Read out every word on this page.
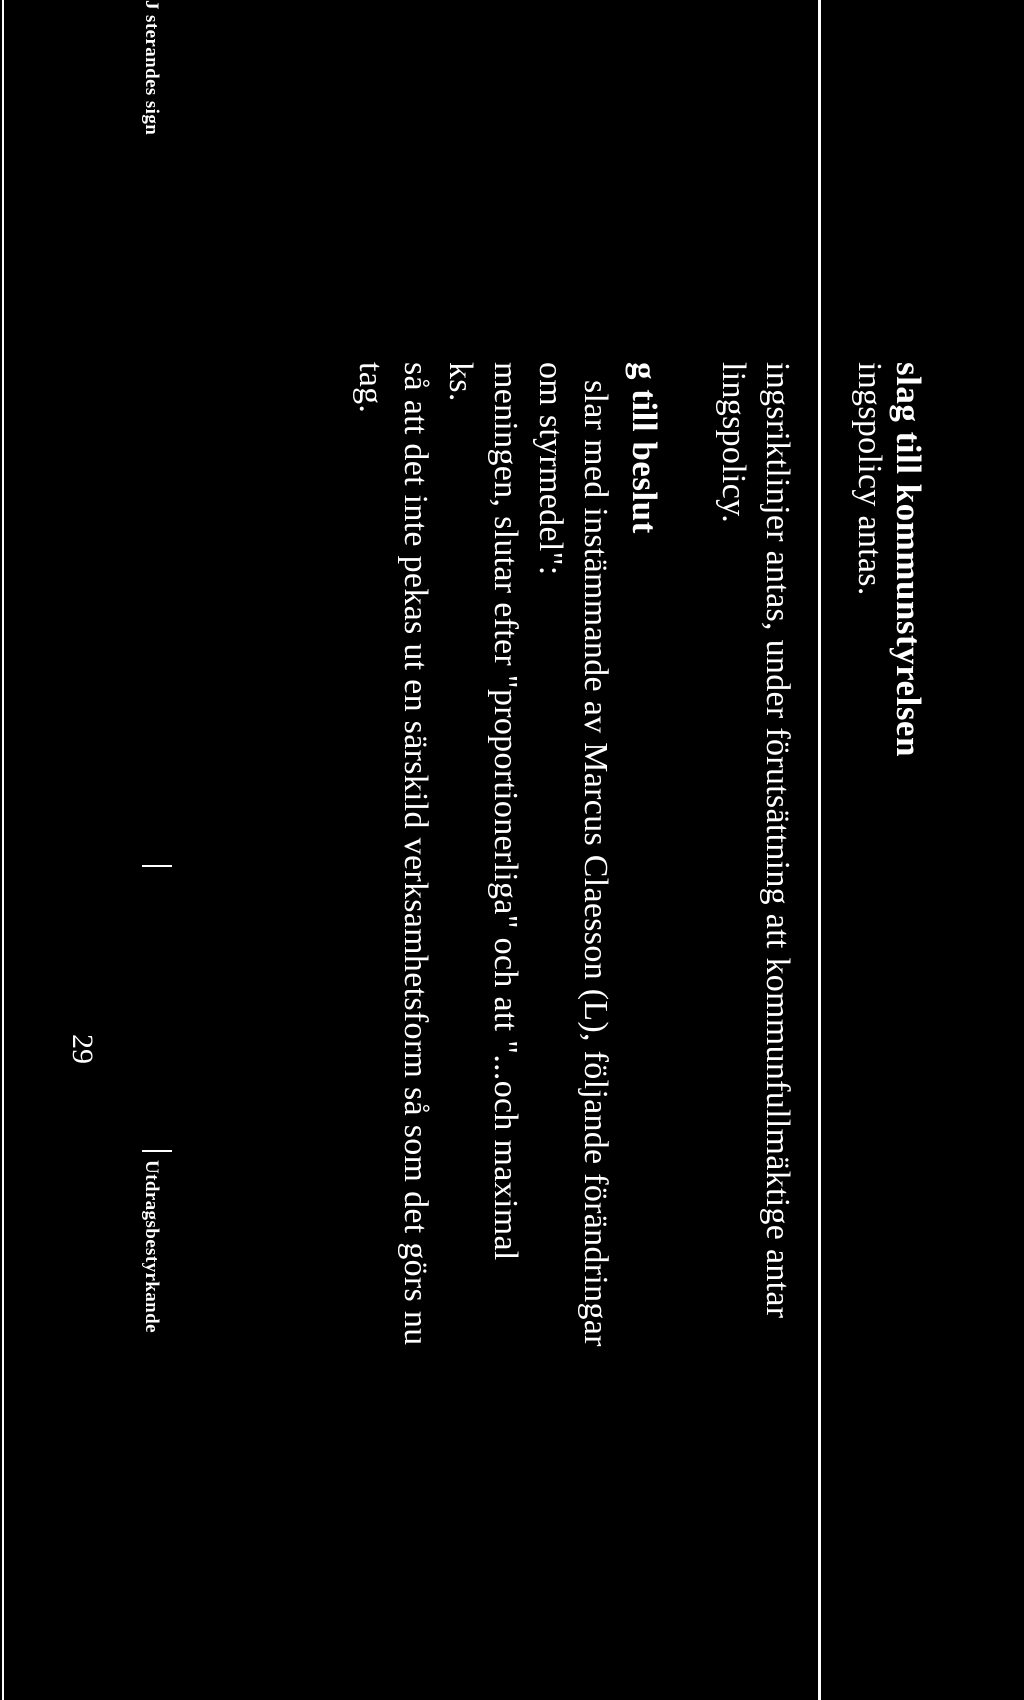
slag till kommunstyrelsen
ingspolicy antas.
ingsriktlinjer antas, under förutsättning att kommunfullmäktige antar
lingspolicy.
g till beslut
slar med instämmande av Marcus Claesson (L), följande förändringar
om styrmedel":
meningen, slutar efter "proportionerliga" och att "...och maximal
ks.
så att det inte pekas ut en särskild verksamhetsform så som det görs nu
tag.
J sterandes sign
Utdragsbestyrkande
29
